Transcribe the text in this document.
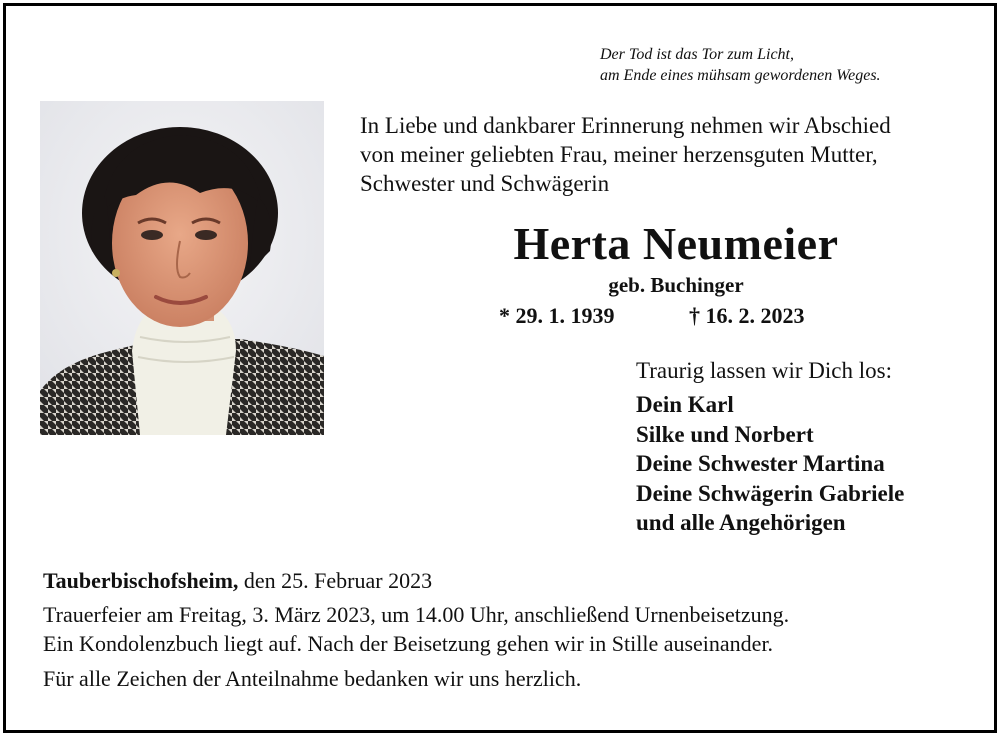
Der Tod ist das Tor zum Licht,
am Ende eines mühsam gewordenen Weges.
In Liebe und dankbarer Erinnerung nehmen wir Abschied
von meiner geliebten Frau, meiner herzensguten Mutter,
Schwester und Schwägerin
Herta Neumeier
geb. Buchinger
* 29. 1. 1939	† 16. 2. 2023
Traurig lassen wir Dich los:
Dein Karl
Silke und Norbert
Deine Schwester Martina
Deine Schwägerin Gabriele
und alle Angehörigen
Tauberbischofsheim, den 25. Februar 2023
Trauerfeier am Freitag, 3. März 2023, um 14.00 Uhr, anschließend Urnenbeisetzung.
Ein Kondolenzbuch liegt auf. Nach der Beisetzung gehen wir in Stille auseinander.
Für alle Zeichen der Anteilnahme bedanken wir uns herzlich.
